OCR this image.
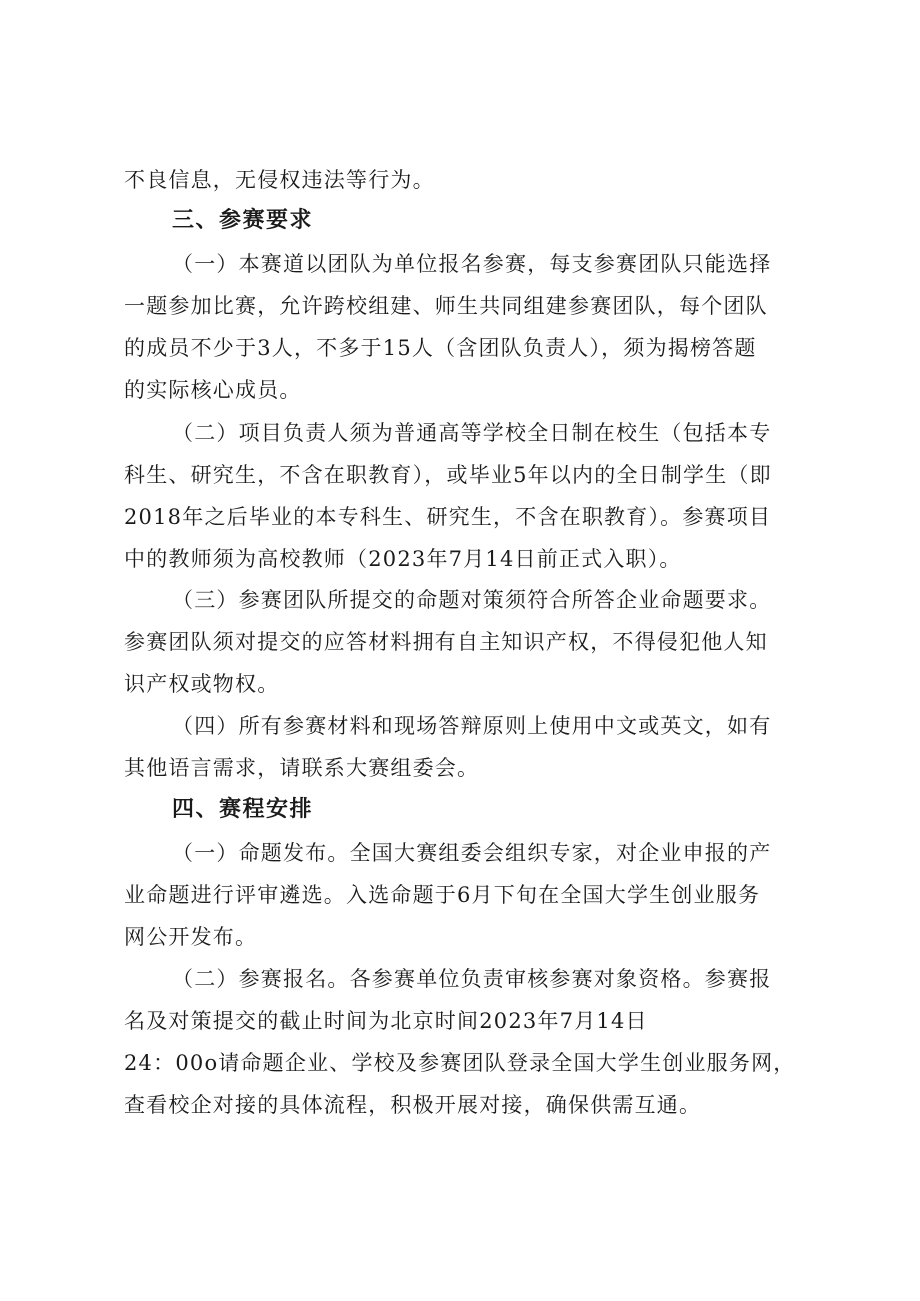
不良信息，无侵权违法等行为。
三、参赛要求
（一）本赛道以团队为单位报名参赛，每支参赛团队只能选择
一题参加比赛，允许跨校组建、师生共同组建参赛团队，每个团队
的成员不少于3人，不多于15人（含团队负责人），须为揭榜答题
的实际核心成员。
（二）项目负责人须为普通高等学校全日制在校生（包括本专
科生、研究生，不含在职教育），或毕业5年以内的全日制学生（即
2018年之后毕业的本专科生、研究生，不含在职教育）。参赛项目
中的教师须为高校教师（2023年7月14日前正式入职）。
（三）参赛团队所提交的命题对策须符合所答企业命题要求。
参赛团队须对提交的应答材料拥有自主知识产权，不得侵犯他人知
识产权或物权。
（四）所有参赛材料和现场答辩原则上使用中文或英文，如有
其他语言需求，请联系大赛组委会。
四、赛程安排
（一）命题发布。全国大赛组委会组织专家，对企业申报的产
业命题进行评审遴选。入选命题于6月下旬在全国大学生创业服务
网公开发布。
（二）参赛报名。各参赛单位负责审核参赛对象资格。参赛报
名及对策提交的截止时间为北京时间2023年7月14日
24：00o请命题企业、学校及参赛团队登录全国大学生创业服务网，
查看校企对接的具体流程，积极开展对接，确保供需互通。
